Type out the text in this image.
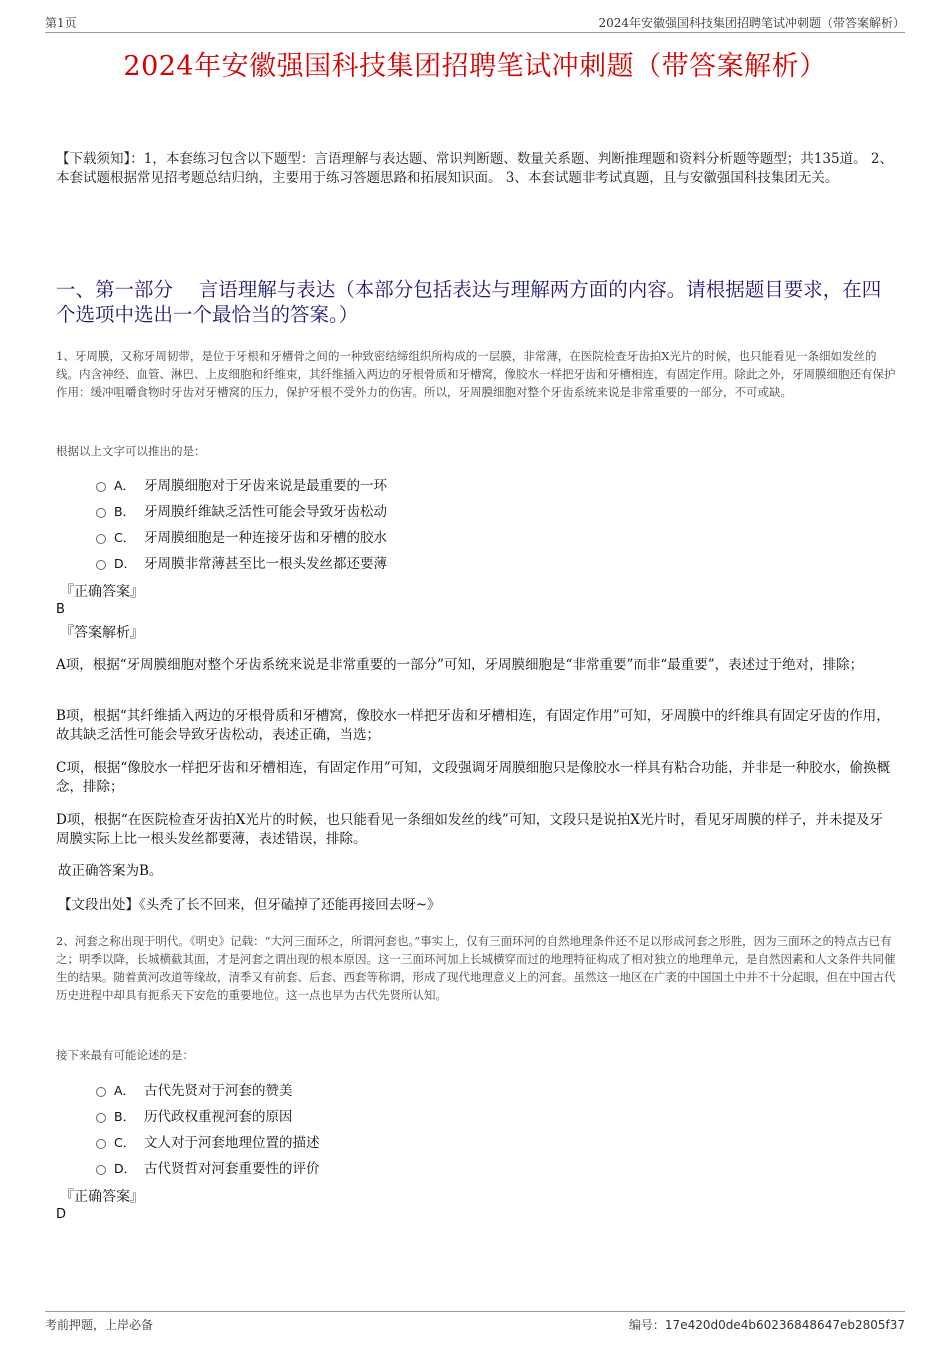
第1页	2024年安徽强国科技集团招聘笔试冲刺题（带答案解析）
2024年安徽强国科技集团招聘笔试冲刺题（带答案解析）
【下载须知】：1，本套练习包含以下题型：言语理解与表达题、常识判断题、数量关系题、判断推理题和资料分析题等题型；共135道。 2、本套试题根据常见招考题总结归纳，主要用于练习答题思路和拓展知识面。 3、本套试题非考试真题，且与安徽强国科技集团无关。
一、第一部分　 言语理解与表达（本部分包括表达与理解两方面的内容。请根据题目要求，在四个选项中选出一个最恰当的答案。）
1、牙周膜，又称牙周韧带，是位于牙根和牙槽骨之间的一种致密结缔组织所构成的一层膜，非常薄，在医院检查牙齿拍X光片的时候，也只能看见一条细如发丝的线。内含神经、血管、淋巴、上皮细胞和纤维束，其纤维插入两边的牙根骨质和牙槽窝，像胶水一样把牙齿和牙槽相连，有固定作用。除此之外，牙周膜细胞还有保护作用：缓冲咀嚼食物时牙齿对牙槽窝的压力，保护牙根不受外力的伤害。所以，牙周膜细胞对整个牙齿系统来说是非常重要的一部分，不可或缺。
根据以上文字可以推出的是：
A． 牙周膜细胞对于牙齿来说是最重要的一环
B． 牙周膜纤维缺乏活性可能会导致牙齿松动
C． 牙周膜细胞是一种连接牙齿和牙槽的胶水
D． 牙周膜非常薄甚至比一根头发丝都还要薄
『正确答案』
B
『答案解析』
A项，根据“牙周膜细胞对整个牙齿系统来说是非常重要的一部分”可知，牙周膜细胞是“非常重要”而非“最重要”，表述过于绝对，排除；
B项，根据“其纤维插入两边的牙根骨质和牙槽窝，像胶水一样把牙齿和牙槽相连，有固定作用”可知，牙周膜中的纤维具有固定牙齿的作用，故其缺乏活性可能会导致牙齿松动，表述正确，当选；
C项，根据“像胶水一样把牙齿和牙槽相连，有固定作用”可知，文段强调牙周膜细胞只是像胶水一样具有粘合功能，并非是一种胶水，偷换概念，排除；
D项，根据“在医院检查牙齿拍X光片的时候，也只能看见一条细如发丝的线”可知，文段只是说拍X光片时，看见牙周膜的样子，并未提及牙周膜实际上比一根头发丝都要薄，表述错误，排除。
故正确答案为B。
【文段出处】《头秃了长不回来，但牙磕掉了还能再接回去呀~》
2、河套之称出现于明代。《明史》记载：“大河三面环之，所谓河套也。”事实上，仅有三面环河的自然地理条件还不足以形成河套之形胜，因为三面环之的特点古已有之；明季以降，长城横截其面，才是河套之谓出现的根本原因。这一三面环河加上长城横穿而过的地理特征构成了相对独立的地理单元，是自然因素和人文条件共同催生的结果。随着黄河改道等缘故，清季又有前套、后套、西套等称谓，形成了现代地理意义上的河套。虽然这一地区在广袤的中国国土中并不十分起眼，但在中国古代历史进程中却具有扼系天下安危的重要地位。这一点也早为古代先贤所认知。
接下来最有可能论述的是：
A． 古代先贤对于河套的赞美
B． 历代政权重视河套的原因
C． 文人对于河套地理位置的描述
D． 古代贤哲对河套重要性的评价
『正确答案』
D
考前押题，上岸必备	编号：17e420d0de4b60236848647eb2805f37
